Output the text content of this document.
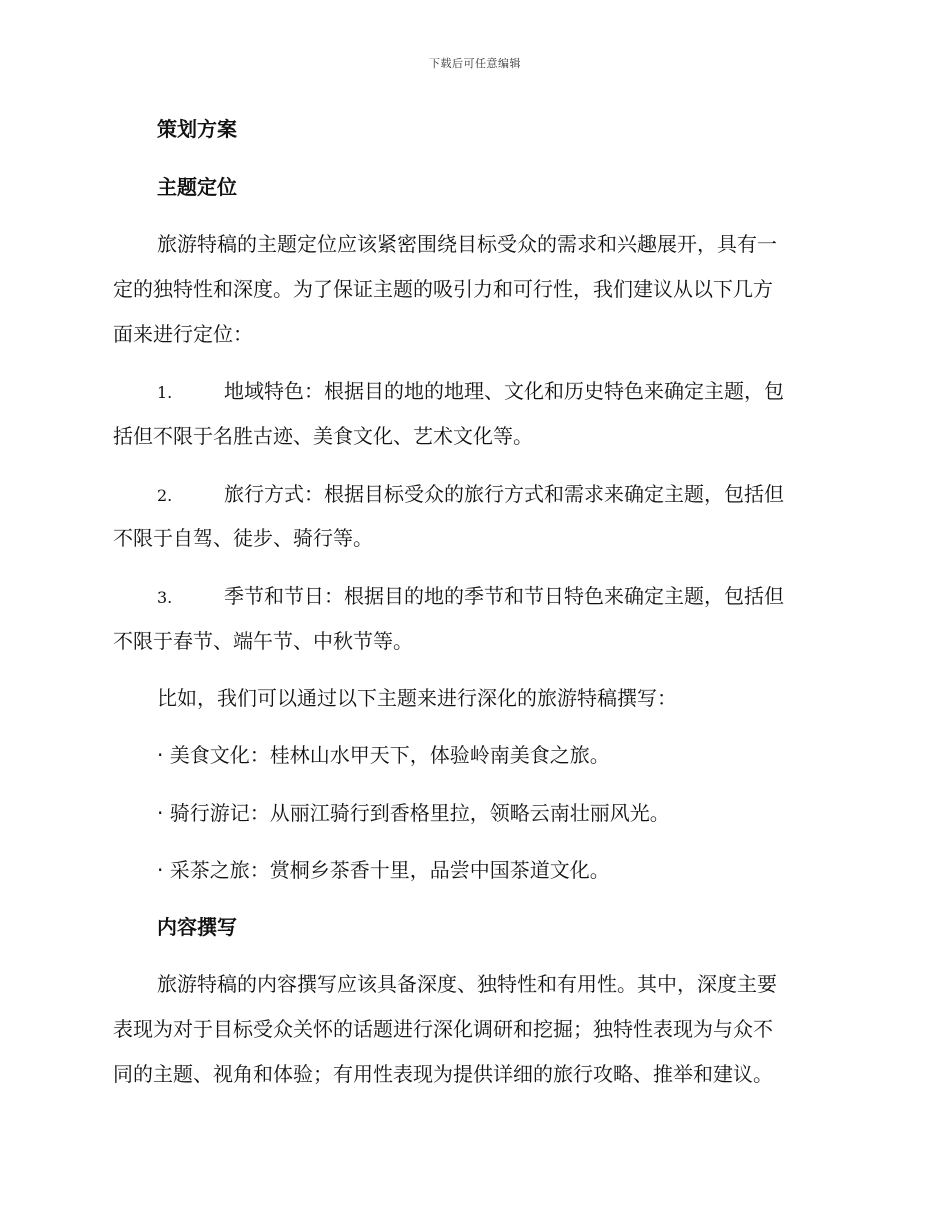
下载后可任意编辑
策划方案
主题定位
旅游特稿的主题定位应该紧密围绕目标受众的需求和兴趣展开，具有一
定的独特性和深度。为了保证主题的吸引力和可行性，我们建议从以下几方
面来进行定位：
1.	地域特色：根据目的地的地理、文化和历史特色来确定主题，包
括但不限于名胜古迹、美食文化、艺术文化等。
2.	旅行方式：根据目标受众的旅行方式和需求来确定主题，包括但
不限于自驾、徒步、骑行等。
3.	季节和节日：根据目的地的季节和节日特色来确定主题，包括但
不限于春节、端午节、中秋节等。
比如，我们可以通过以下主题来进行深化的旅游特稿撰写：
· 美食文化：桂林山水甲天下，体验岭南美食之旅。
· 骑行游记：从丽江骑行到香格里拉，领略云南壮丽风光。
· 采茶之旅：赏桐乡茶香十里，品尝中国茶道文化。
内容撰写
旅游特稿的内容撰写应该具备深度、独特性和有用性。其中，深度主要
表现为对于目标受众关怀的话题进行深化调研和挖掘；独特性表现为与众不
同的主题、视角和体验；有用性表现为提供详细的旅行攻略、推举和建议。
